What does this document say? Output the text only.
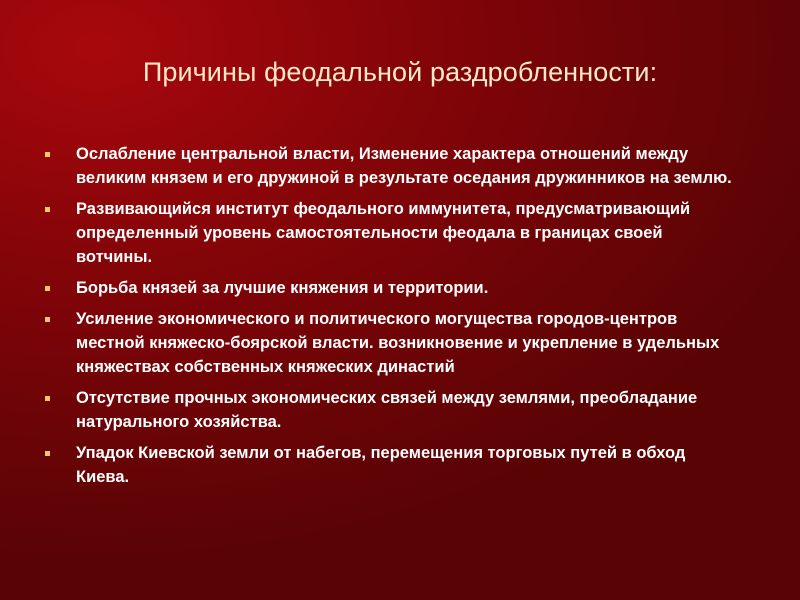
Причины феодальной раздробленности:
Ослабление центральной власти, Изменение характера отношений между великим князем и его дружиной в результате оседания дружинников на землю.
Развивающийся институт феодального иммунитета, предусматривающий определенный уровень самостоятельности феодала в границах своей вотчины.
Борьба князей за лучшие княжения и территории.
Усиление экономического и политического могущества городов-центров местной княжеско-боярской власти. возникновение и укрепление в удельных княжествах собственных княжеских династий
Отсутствие прочных экономических связей между землями, преобладание натурального хозяйства.
Упадок Киевской земли от набегов, перемещения торговых путей в обход Киева.
